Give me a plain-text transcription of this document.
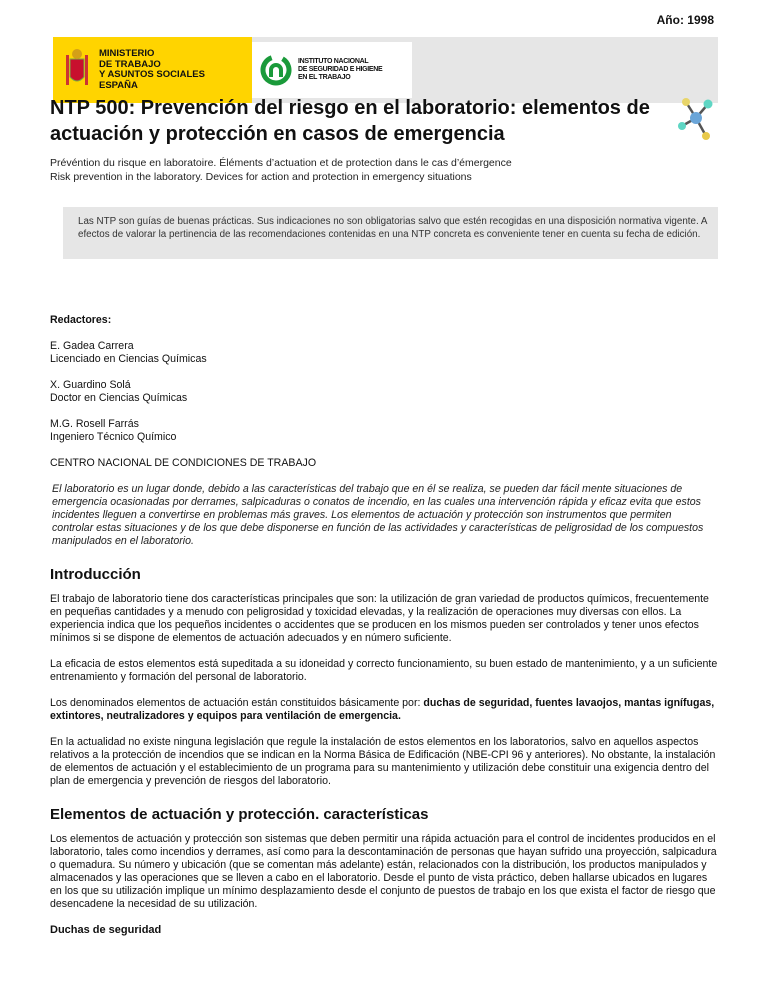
Año: 1998
MINISTERIO
DE TRABAJO
Y ASUNTOS SOCIALES
ESPAÑA
INSTITUTO NACIONAL
DE SEGURIDAD E HIGIENE
EN EL TRABAJO
NTP 500: Prevención del riesgo en el laboratorio: elementos de actuación y protección en casos de emergencia
Prévéntion du risque en laboratoire. Éléments d’actuation et de protection dans le cas d’émergence
Risk prevention in the laboratory. Devices for action and protection in emergency situations
Las NTP son guías de buenas prácticas. Sus indicaciones no son obligatorias salvo que estén recogidas en una disposición normativa vigente. A efectos de valorar la pertinencia de las recomendaciones contenidas en una NTP concreta es conveniente tener en cuenta su fecha de edición.

Redactores:

E. Gadea Carrera
Licenciado en Ciencias Químicas

X. Guardino Solá
Doctor en Ciencias Químicas

M.G. Rosell Farrás
Ingeniero Técnico Químico

CENTRO NACIONAL DE CONDICIONES DE TRABAJO

El laboratorio es un lugar donde, debido a las características del trabajo que en él se realiza, se pueden dar fácil mente situaciones de emergencia ocasionadas por derrames, salpicaduras o conatos de incendio, en las cuales una intervención rápida y eficaz evita que estos incidentes lleguen a convertirse en problemas más graves. Los elementos de actuación y protección son instrumentos que permiten controlar estas situaciones y de los que debe disponerse en función de las actividades y características de peligrosidad de los compuestos manipulados en el laboratorio.

Introducción

El trabajo de laboratorio tiene dos características principales que son: la utilización de gran variedad de productos químicos, frecuentemente en pequeñas cantidades y a menudo con peligrosidad y toxicidad elevadas, y la realización de operaciones muy diversas con ellos. La experiencia indica que los pequeños incidentes o accidentes que se producen en los mismos pueden ser controlados y tener unos efectos mínimos si se dispone de elementos de actuación adecuados y en número suficiente.

La eficacia de estos elementos está supeditada a su idoneidad y correcto funcionamiento, su buen estado de mantenimiento, y a un suficiente entrenamiento y formación del personal de laboratorio.

Los denominados elementos de actuación están constituidos básicamente por: duchas de seguridad, fuentes lavaojos, mantas ignífugas, extintores, neutralizadores y equipos para ventilación de emergencia.

En la actualidad no existe ninguna legislación que regule la instalación de estos elementos en los laboratorios, salvo en aquellos aspectos relativos a la protección de incendios que se indican en la Norma Básica de Edificación (NBE-CPI 96 y anteriores). No obstante, la instalación de elementos de actuación y el establecimiento de un programa para su mantenimiento y utilización debe constituir una exigencia dentro del plan de emergencia y prevención de riesgos del laboratorio.

Elementos de actuación y protección. características

Los elementos de actuación y protección son sistemas que deben permitir una rápida actuación para el control de incidentes producidos en el laboratorio, tales como incendios y derrames, así como para la descontaminación de personas que hayan sufrido una proyección, salpicadura o quemadura. Su número y ubicación (que se comentan más adelante) están, relacionados con la distribución, los productos manipulados y almacenados y las operaciones que se lleven a cabo en el laboratorio. Desde el punto de vista práctico, deben hallarse ubicados en lugares en los que su utilización implique un mínimo desplazamiento desde el conjunto de puestos de trabajo en los que exista el factor de riesgo que desencadene la necesidad de su utilización.

Duchas de seguridad
